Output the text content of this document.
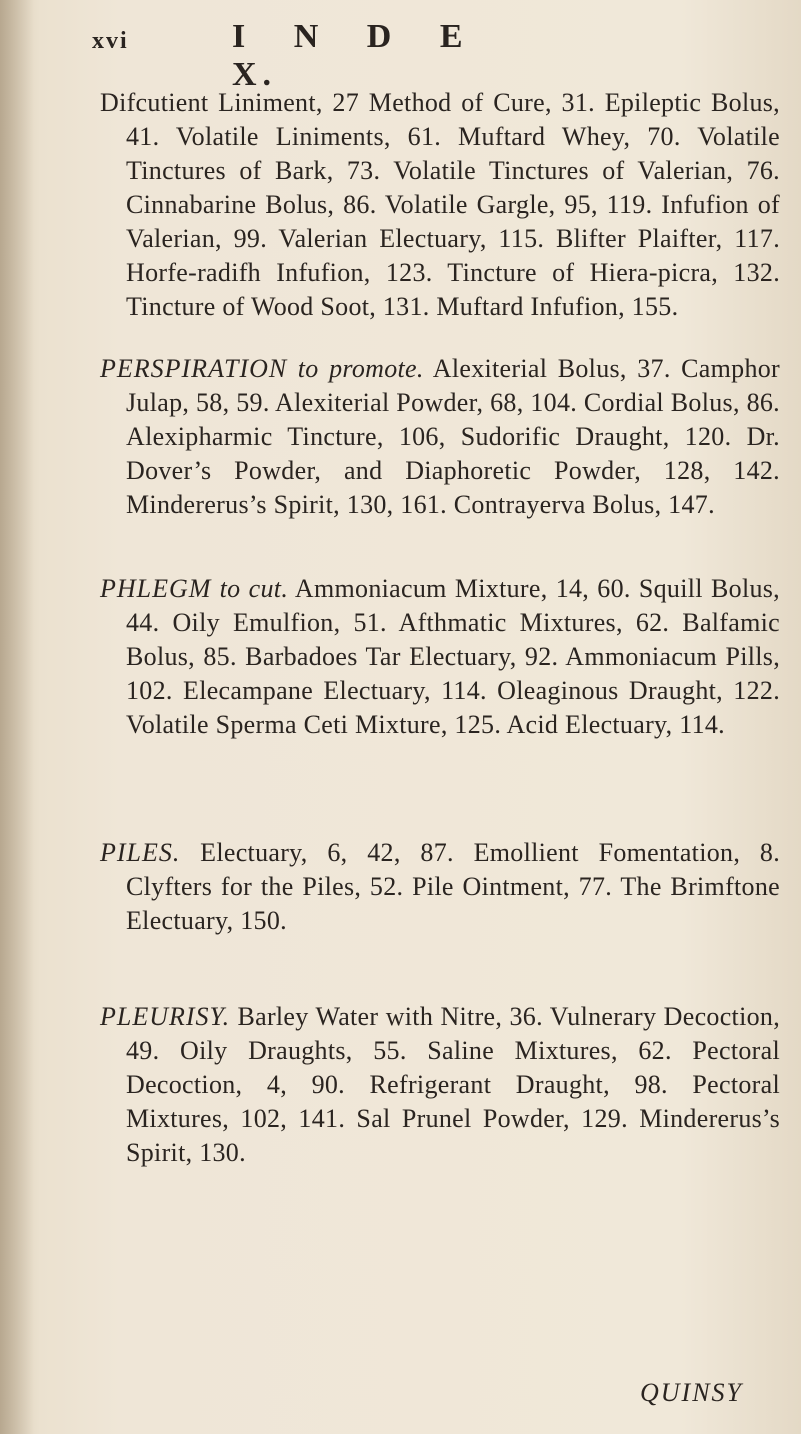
xvi	I N D E X.
Difcutient Liniment, 27 Method of Cure, 31. Epileptic Bolus, 41. Volatile Liniments, 61. Muftard Whey, 70. Volatile Tinctures of Bark, 73. Volatile Tinctures of Valerian, 76. Cinnabarine Bolus, 86. Volatile Gargle, 95, 119. Infufion of Valerian, 99. Valerian Electuary, 115. Blifter Plaifter, 117. Horfe-radifh Infufion, 123. Tincture of Hiera-picra, 132. Tincture of Wood Soot, 131. Muftard Infufion, 155.
PERSPIRATION to promote. Alexiterial Bolus, 37. Camphor Julap, 58, 59. Alexiterial Powder, 68, 104. Cordial Bolus, 86. Alexipharmic Tincture, 106, Sudorific Draught, 120. Dr. Dover’s Powder, and Diaphoretic Powder, 128, 142. Mindererus’s Spirit, 130, 161. Contrayerva Bolus, 147.
PHLEGM to cut. Ammoniacum Mixture, 14, 60. Squill Bolus, 44. Oily Emulfion, 51. Afthmatic Mixtures, 62. Balfamic Bolus, 85. Barbadoes Tar Electuary, 92. Ammoniacum Pills, 102. Elecampane Electuary, 114. Oleaginous Draught, 122. Volatile Sperma Ceti Mixture, 125. Acid Electuary, 114.
PILES. Electuary, 6, 42, 87. Emollient Fomentation, 8. Clyfters for the Piles, 52. Pile Ointment, 77. The Brimftone Electuary, 150.
PLEURISY. Barley Water with Nitre, 36. Vulnerary Decoction, 49. Oily Draughts, 55. Saline Mixtures, 62. Pectoral Decoction, 4, 90. Refrigerant Draught, 98. Pectoral Mixtures, 102, 141. Sal Prunel Powder, 129. Mindererus’s Spirit, 130.
QUINSY
